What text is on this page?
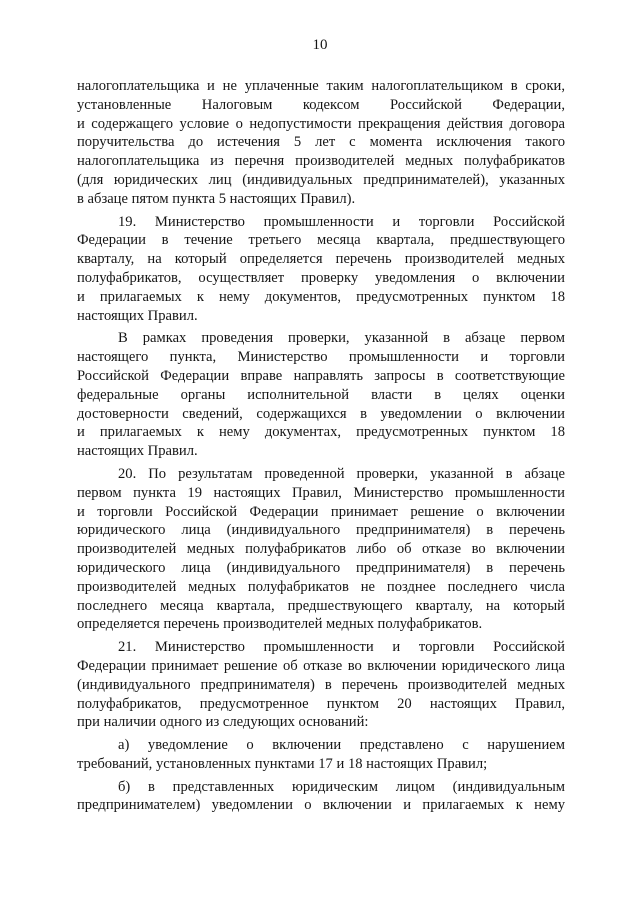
10
налогоплательщика и не уплаченные таким налогоплательщиком в сроки,
установленные Налоговым кодексом Российской Федерации,
и содержащего условие о недопустимости прекращения действия договора
поручительства до истечения 5 лет с момента исключения такого
налогоплательщика из перечня производителей медных полуфабрикатов
(для юридических лиц (индивидуальных предпринимателей), указанных
в абзаце пятом пункта 5 настоящих Правил).
19. Министерство промышленности и торговли Российской
Федерации в течение третьего месяца квартала, предшествующего
кварталу, на который определяется перечень производителей медных
полуфабрикатов, осуществляет проверку уведомления о включении
и прилагаемых к нему документов, предусмотренных пунктом 18
настоящих Правил.
В рамках проведения проверки, указанной в абзаце первом
настоящего пункта, Министерство промышленности и торговли
Российской Федерации вправе направлять запросы в соответствующие
федеральные органы исполнительной власти в целях оценки
достоверности сведений, содержащихся в уведомлении о включении
и прилагаемых к нему документах, предусмотренных пунктом 18
настоящих Правил.
20. По результатам проведенной проверки, указанной в абзаце
первом пункта 19 настоящих Правил, Министерство промышленности
и торговли Российской Федерации принимает решение о включении
юридического лица (индивидуального предпринимателя) в перечень
производителей медных полуфабрикатов либо об отказе во включении
юридического лица (индивидуального предпринимателя) в перечень
производителей медных полуфабрикатов не позднее последнего числа
последнего месяца квартала, предшествующего кварталу, на который
определяется перечень производителей медных полуфабрикатов.
21. Министерство промышленности и торговли Российской
Федерации принимает решение об отказе во включении юридического лица
(индивидуального предпринимателя) в перечень производителей медных
полуфабрикатов, предусмотренное пунктом 20 настоящих Правил,
при наличии одного из следующих оснований:
а) уведомление о включении представлено с нарушением
требований, установленных пунктами 17 и 18 настоящих Правил;
б) в представленных юридическим лицом (индивидуальным
предпринимателем) уведомлении о включении и прилагаемых к нему
